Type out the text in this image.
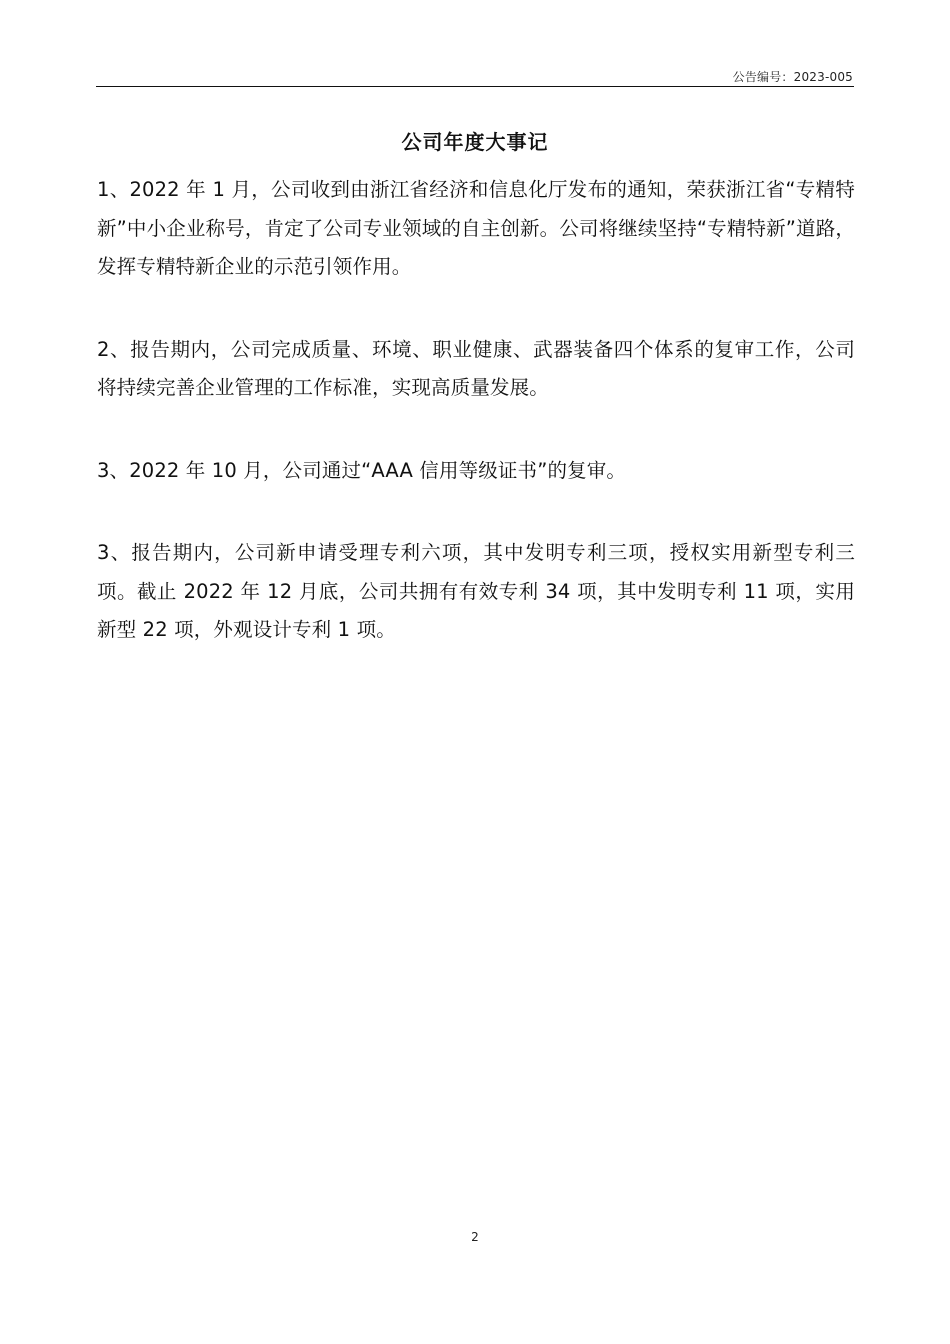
公告编号：2023-005
公司年度大事记

1、2022 年 1 月，公司收到由浙江省经济和信息化厅发布的通知，荣获浙江省“专精特新”中小企业称号，肯定了公司专业领域的自主创新。公司将继续坚持“专精特新”道路，发挥专精特新企业的示范引领作用。

2、报告期内，公司完成质量、环境、职业健康、武器装备四个体系的复审工作，公司将持续完善企业管理的工作标准，实现高质量发展。

3、2022 年 10 月，公司通过“AAA 信用等级证书”的复审。

3、报告期内，公司新申请受理专利六项，其中发明专利三项，授权实用新型专利三项。截止 2022 年 12 月底，公司共拥有有效专利 34 项，其中发明专利 11 项，实用新型 22 项，外观设计专利 1 项。

2
